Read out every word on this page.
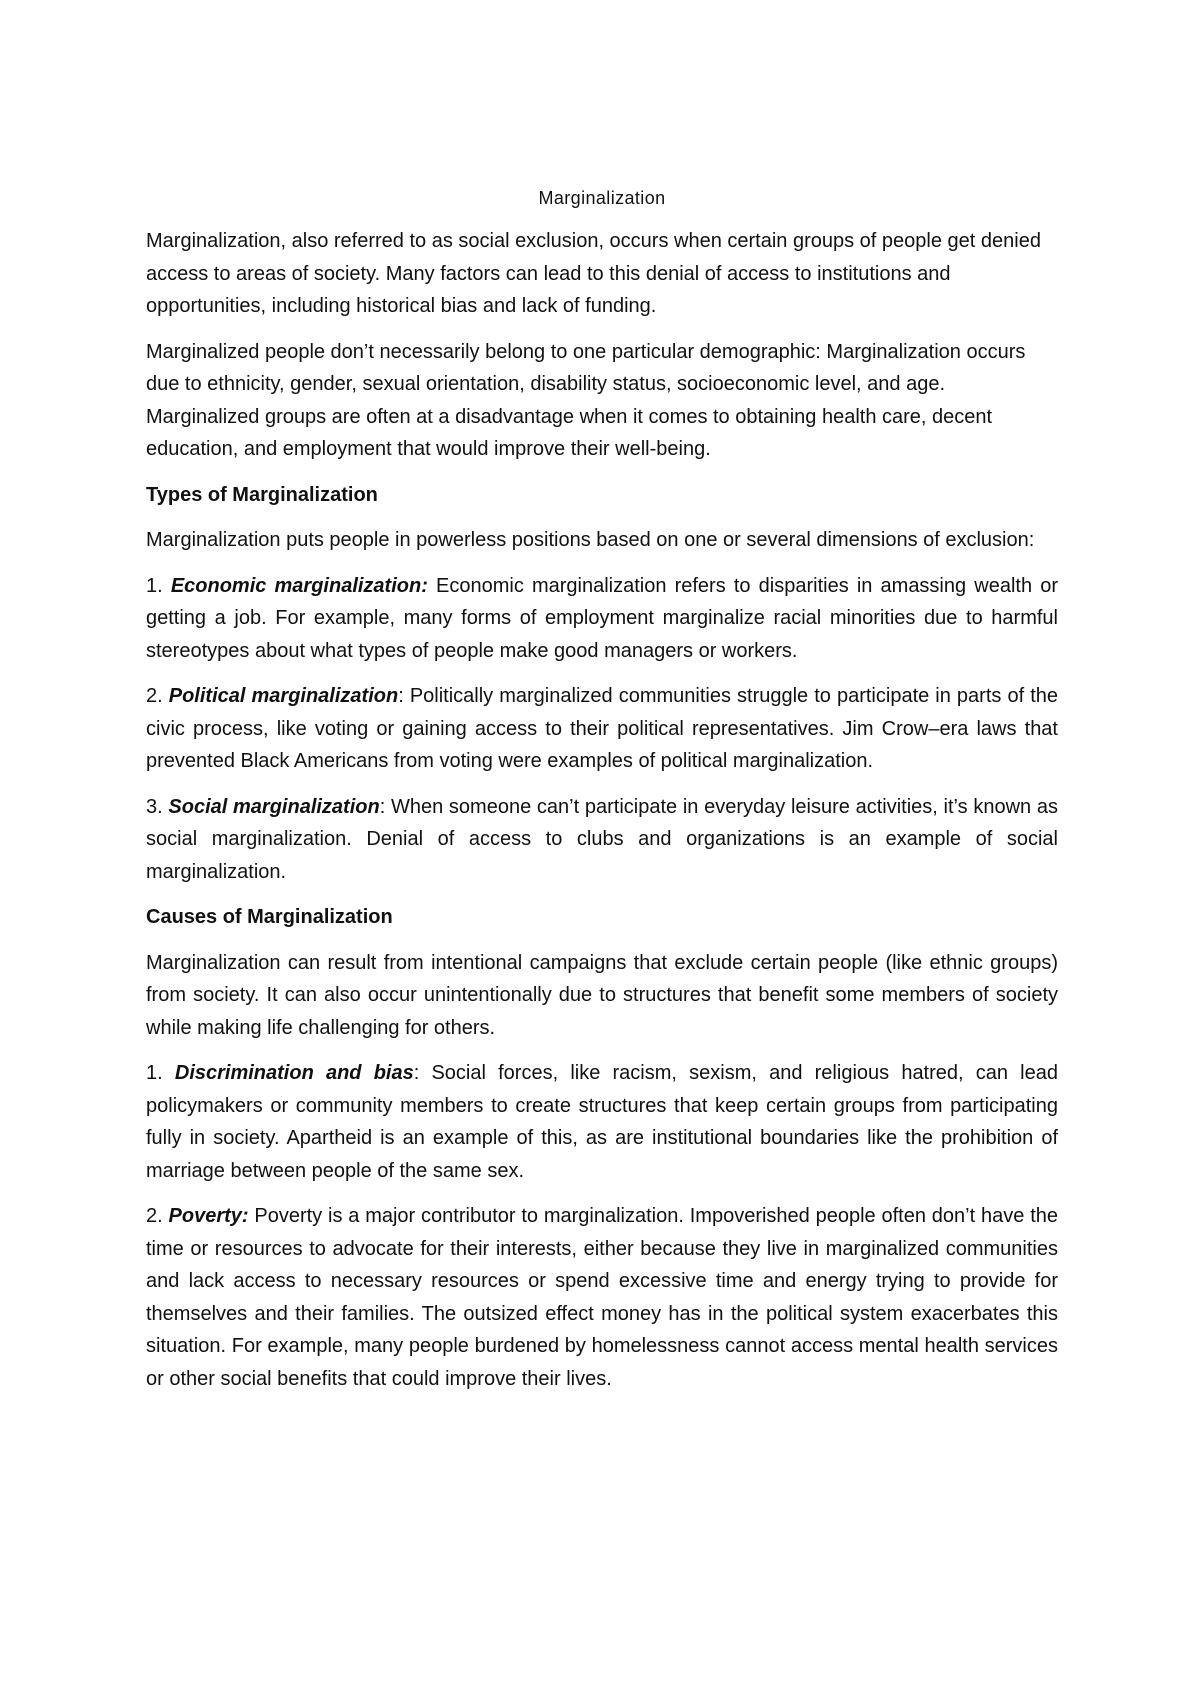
Marginalization

Marginalization, also referred to as social exclusion, occurs when certain groups of people get denied access to areas of society. Many factors can lead to this denial of access to institutions and opportunities, including historical bias and lack of funding.

Marginalized people don’t necessarily belong to one particular demographic: Marginalization occurs due to ethnicity, gender, sexual orientation, disability status, socioeconomic level, and age. Marginalized groups are often at a disadvantage when it comes to obtaining health care, decent education, and employment that would improve their well-being.

Types of Marginalization

Marginalization puts people in powerless positions based on one or several dimensions of exclusion:

1. Economic marginalization: Economic marginalization refers to disparities in amassing wealth or getting a job. For example, many forms of employment marginalize racial minorities due to harmful stereotypes about what types of people make good managers or workers.

2. Political marginalization: Politically marginalized communities struggle to participate in parts of the civic process, like voting or gaining access to their political representatives. Jim Crow–era laws that prevented Black Americans from voting were examples of political marginalization.

3. Social marginalization: When someone can’t participate in everyday leisure activities, it’s known as social marginalization. Denial of access to clubs and organizations is an example of social marginalization.

Causes of Marginalization

Marginalization can result from intentional campaigns that exclude certain people (like ethnic groups) from society. It can also occur unintentionally due to structures that benefit some members of society while making life challenging for others.

1. Discrimination and bias: Social forces, like racism, sexism, and religious hatred, can lead policymakers or community members to create structures that keep certain groups from participating fully in society. Apartheid is an example of this, as are institutional boundaries like the prohibition of marriage between people of the same sex.

2. Poverty: Poverty is a major contributor to marginalization. Impoverished people often don’t have the time or resources to advocate for their interests, either because they live in marginalized communities and lack access to necessary resources or spend excessive time and energy trying to provide for themselves and their families. The outsized effect money has in the political system exacerbates this situation. For example, many people burdened by homelessness cannot access mental health services or other social benefits that could improve their lives.
